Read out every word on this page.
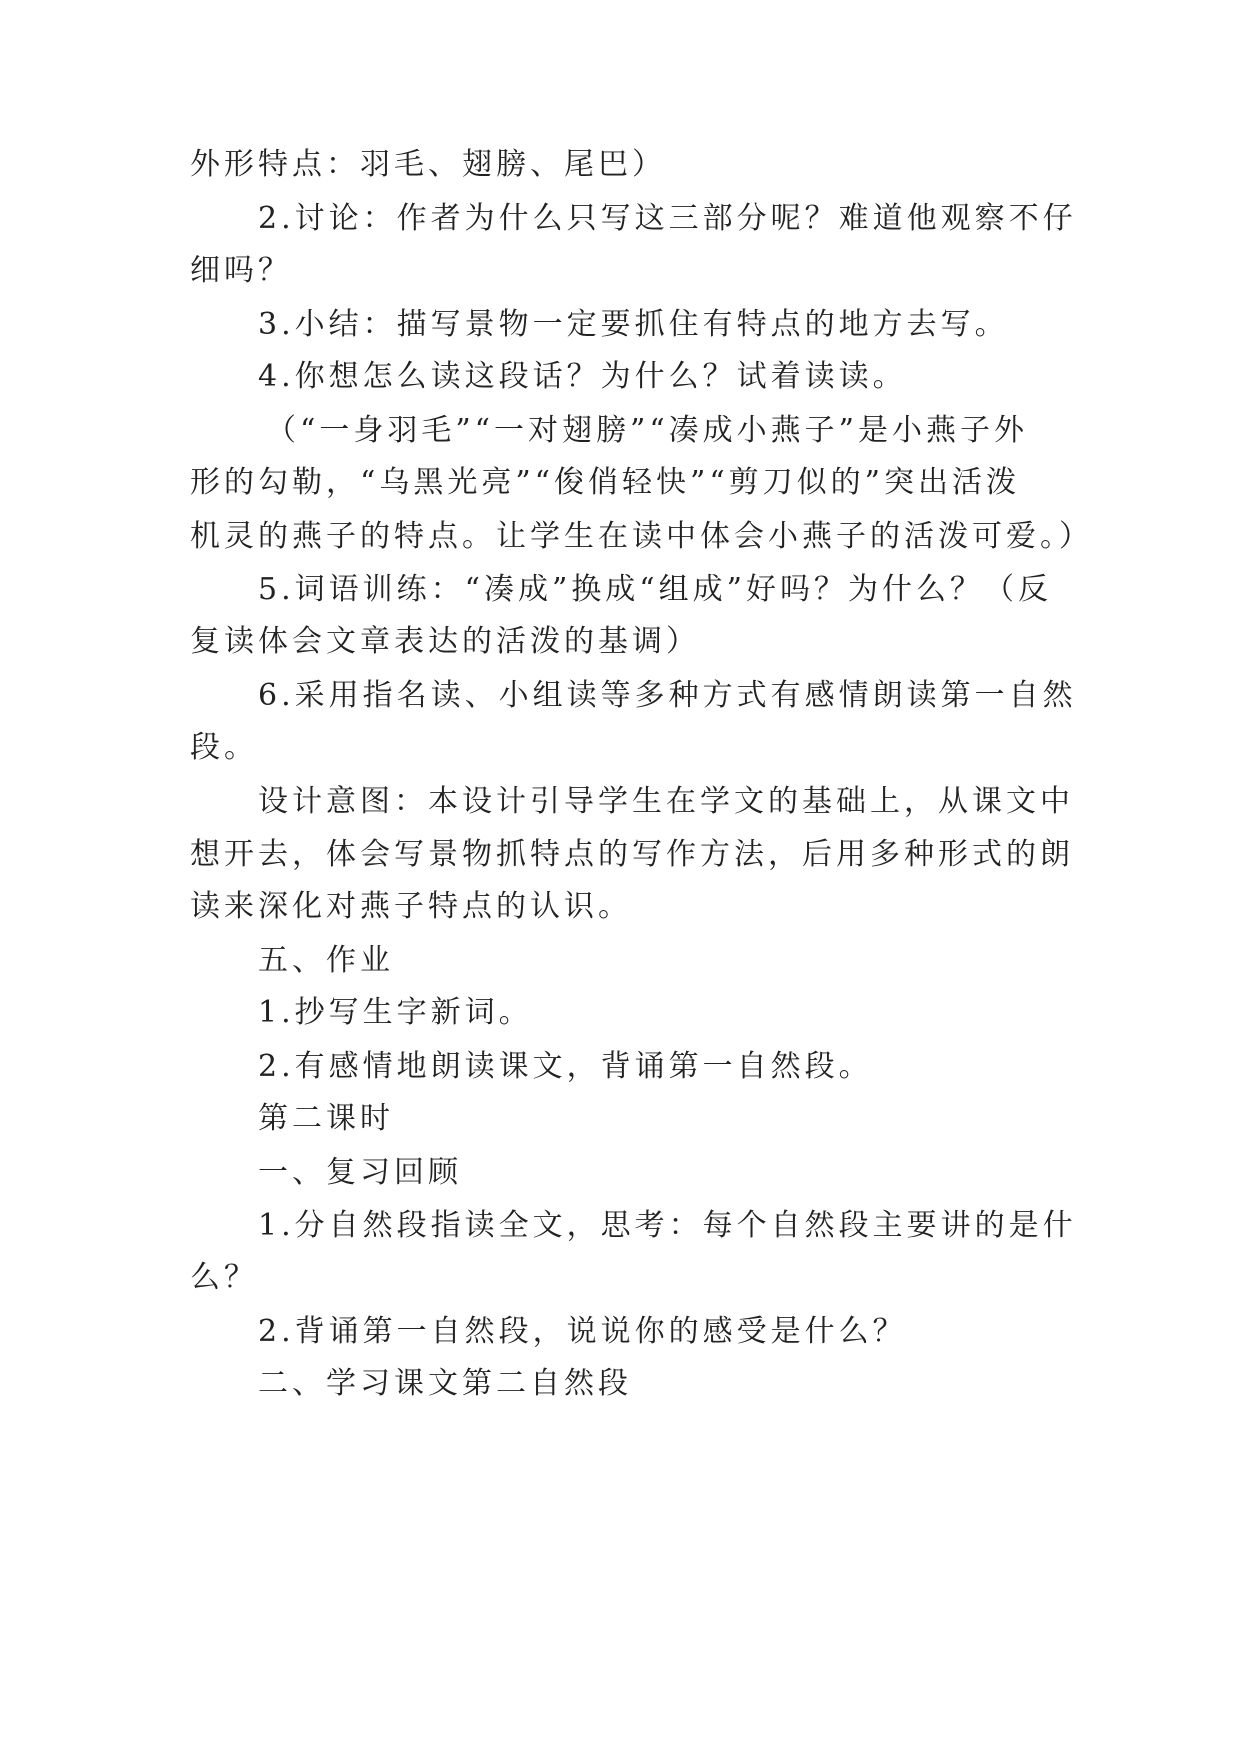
外形特点：羽毛、翅膀、尾巴）

2.讨论：作者为什么只写这三部分呢？难道他观察不仔

细吗？

3.小结：描写景物一定要抓住有特点的地方去写。

4.你想怎么读这段话？为什么？试着读读。

（“一身羽毛”“一对翅膀”“凑成小燕子”是小燕子外

形的勾勒，“乌黑光亮”“俊俏轻快”“剪刀似的”突出活泼

机灵的燕子的特点。让学生在读中体会小燕子的活泼可爱。）

5.词语训练：“凑成”换成“组成”好吗？为什么？（反

复读体会文章表达的活泼的基调）

6.采用指名读、小组读等多种方式有感情朗读第一自然

段。

设计意图：本设计引导学生在学文的基础上，从课文中

想开去，体会写景物抓特点的写作方法，后用多种形式的朗

读来深化对燕子特点的认识。

五、作业

1.抄写生字新词。

2.有感情地朗读课文，背诵第一自然段。

第二课时

一、复习回顾

1.分自然段指读全文，思考：每个自然段主要讲的是什

么？

2.背诵第一自然段，说说你的感受是什么？

二、学习课文第二自然段
